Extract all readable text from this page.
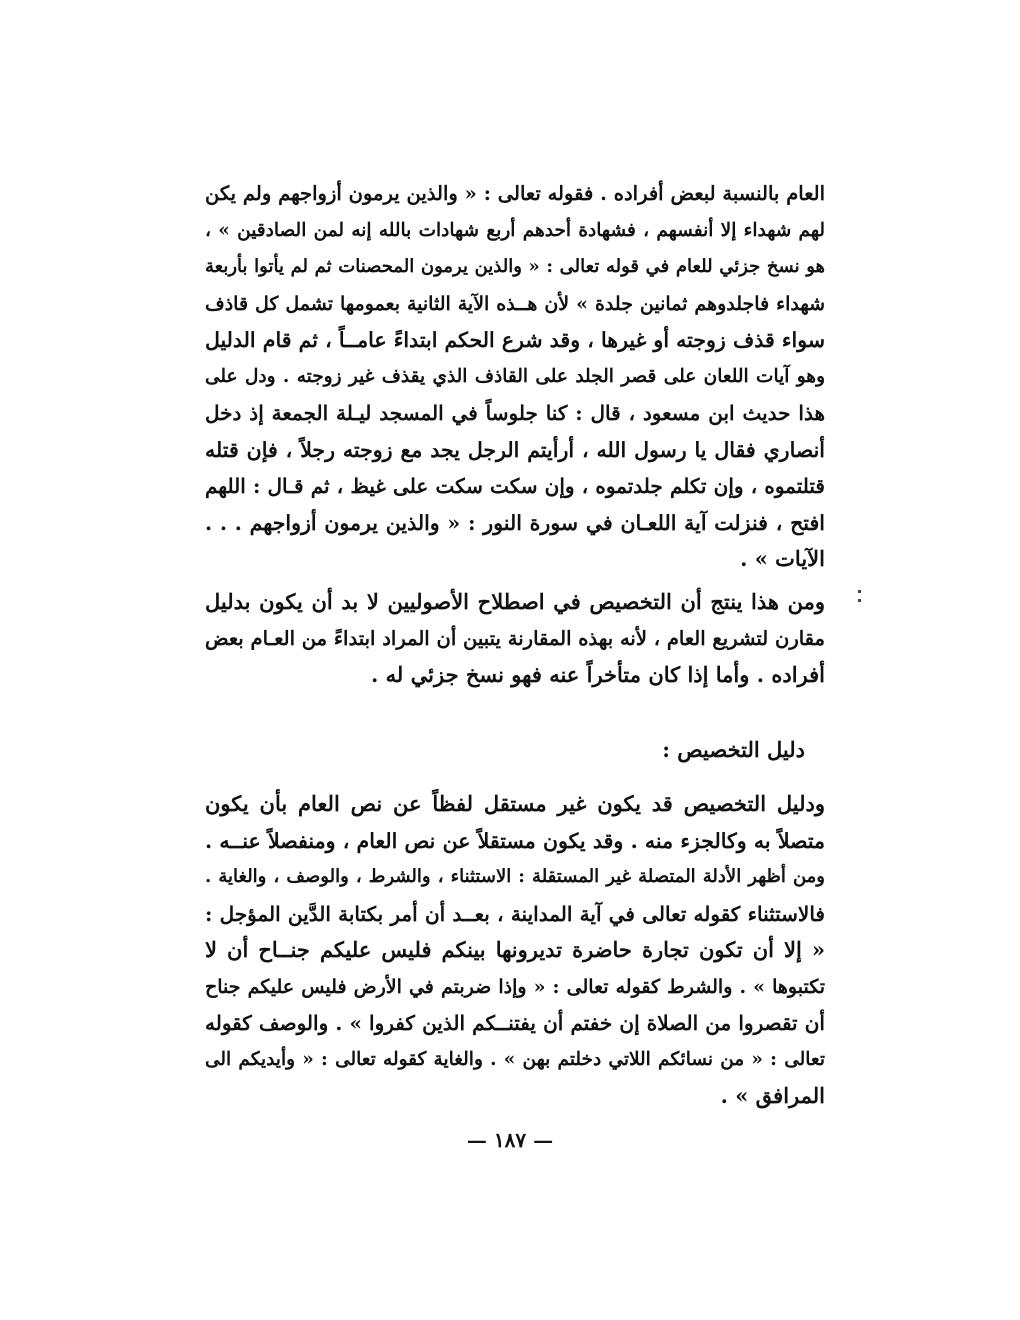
العام بالنسبة لبعض أفراده . فقوله تعالى : « والذين يرمون أزواجهم ولم يكن
لهم شهداء إلا أنفسهم ، فشهادة أحدهم أربع شهادات بالله إنه لمن الصادقين » ،
هو نسخ جزئي للعام في قوله تعالى : « والذين يرمون المحصنات ثم لم يأتوا بأربعة
شهداء فاجلدوهم ثمانين جلدة » لأن هــذه الآية الثانية بعمومها تشمل كل قاذف
سواء قذف زوجته أو غيرها ، وقد شرع الحكم ابتداءً عامــاً ، ثم قام الدليل
وهو آيات اللعان على قصر الجلد على القاذف الذي يقذف غير زوجته . ودل على
هذا حديث ابن مسعود ، قال : كنا جلوساً في المسجد ليـلة الجمعة إذ دخل
أنصاري فقال يا رسول الله ، أرأيتم الرجل يجد مع زوجته رجلاً ، فإن قتله
قتلتموه ، وإن تكلم جلدتموه ، وإن سكت سكت على غيظ ، ثم قـال : اللهم
افتح ، فنزلت آية اللعـان في سورة النور : « والذين يرمون أزواجهم . . .
الآيات » .
ومن هذا ينتج أن التخصيص في اصطلاح الأصوليين لا بد أن يكون بدليل
مقارن لتشريع العام ، لأنه بهذه المقارنة يتبين أن المراد ابتداءً من العـام بعض
أفراده . وأما إذا كان متأخراً عنه فهو نسخ جزئي له .
دليل التخصيص :
ودليل التخصيص قد يكون غير مستقل لفظاً عن نص العام بأن يكون
متصلاً به وكالجزء منه . وقد يكون مستقلاً عن نص العام ، ومنفصلاً عنــه .
ومن أظهر الأدلة المتصلة غير المستقلة : الاستثناء ، والشرط ، والوصف ، والغاية .
فالاستثناء كقوله تعالى في آية المداينة ، بعــد أن أمر بكتابة الدَّين المؤجل :
« إلا أن تكون تجارة حاضرة تديرونها بينكم فليس عليكم جنــاح أن لا
تكتبوها » . والشرط كقوله تعالى : « وإذا ضربتم في الأرض فليس عليكم جناح
أن تقصروا من الصلاة إن خفتم أن يفتنــكم الذين كفروا » . والوصف كقوله
تعالى : « من نسائكم اللاتي دخلتم بهن » . والغاية كقوله تعالى : « وأيديكم الى
المرافق » .
— ١٨٧ —
